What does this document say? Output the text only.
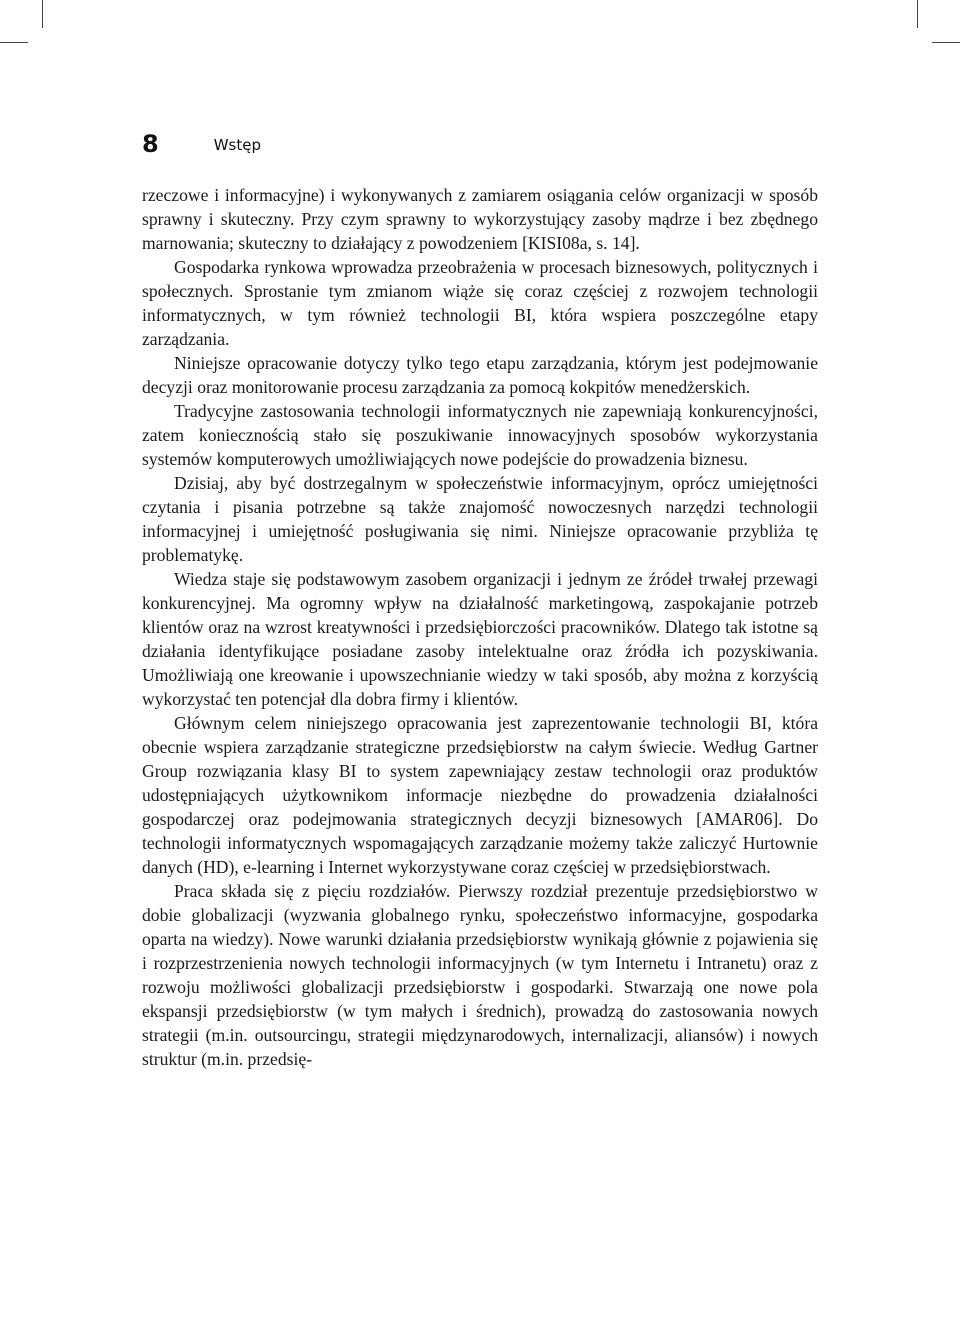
8	Wstęp

rzeczowe i informacyjne) i wykonywanych z zamiarem osiągania celów organizacji w sposób sprawny i skuteczny. Przy czym sprawny to wykorzystujący zasoby mądrze i bez zbędnego marnowania; skuteczny to działający z powodzeniem [KISI08a, s. 14].

Gospodarka rynkowa wprowadza przeobrażenia w procesach biznesowych, politycznych i społecznych. Sprostanie tym zmianom wiąże się coraz częściej z rozwojem technologii informatycznych, w tym również technologii BI, która wspiera poszczególne etapy zarządzania.

Niniejsze opracowanie dotyczy tylko tego etapu zarządzania, którym jest podejmowanie decyzji oraz monitorowanie procesu zarządzania za pomocą kokpitów menedżerskich.

Tradycyjne zastosowania technologii informatycznych nie zapewniają konkurencyjności, zatem koniecznością stało się poszukiwanie innowacyjnych sposobów wykorzystania systemów komputerowych umożliwiających nowe podejście do prowadzenia biznesu.

Dzisiaj, aby być dostrzegalnym w społeczeństwie informacyjnym, oprócz umiejętności czytania i pisania potrzebne są także znajomość nowoczesnych narzędzi technologii informacyjnej i umiejętność posługiwania się nimi. Niniejsze opracowanie przybliża tę problematykę.

Wiedza staje się podstawowym zasobem organizacji i jednym ze źródeł trwałej przewagi konkurencyjnej. Ma ogromny wpływ na działalność marketingową, zaspokajanie potrzeb klientów oraz na wzrost kreatywności i przedsiębiorczości pracowników. Dlatego tak istotne są działania identyfikujące posiadane zasoby intelektualne oraz źródła ich pozyskiwania. Umożliwiają one kreowanie i upowszechnianie wiedzy w taki sposób, aby można z korzyścią wykorzystać ten potencjał dla dobra firmy i klientów.

Głównym celem niniejszego opracowania jest zaprezentowanie technologii BI, która obecnie wspiera zarządzanie strategiczne przedsiębiorstw na całym świecie. Według Gartner Group rozwiązania klasy BI to system zapewniający zestaw technologii oraz produktów udostępniających użytkownikom informacje niezbędne do prowadzenia działalności gospodarczej oraz podejmowania strategicznych decyzji biznesowych [AMAR06]. Do technologii informatycznych wspomagających zarządzanie możemy także zaliczyć Hurtownie danych (HD), e-learning i Internet wykorzystywane coraz częściej w przedsiębiorstwach.

Praca składa się z pięciu rozdziałów. Pierwszy rozdział prezentuje przedsiębiorstwo w dobie globalizacji (wyzwania globalnego rynku, społeczeństwo informacyjne, gospodarka oparta na wiedzy). Nowe warunki działania przedsiębiorstw wynikają głównie z pojawienia się i rozprzestrzenienia nowych technologii informacyjnych (w tym Internetu i Intranetu) oraz z rozwoju możliwości globalizacji przedsiębiorstw i gospodarki. Stwarzają one nowe pola ekspansji przedsiębiorstw (w tym małych i średnich), prowadzą do zastosowania nowych strategii (m.in. outsourcingu, strategii międzynarodowych, internalizacji, aliansów) i nowych struktur (m.in. przedsię-
